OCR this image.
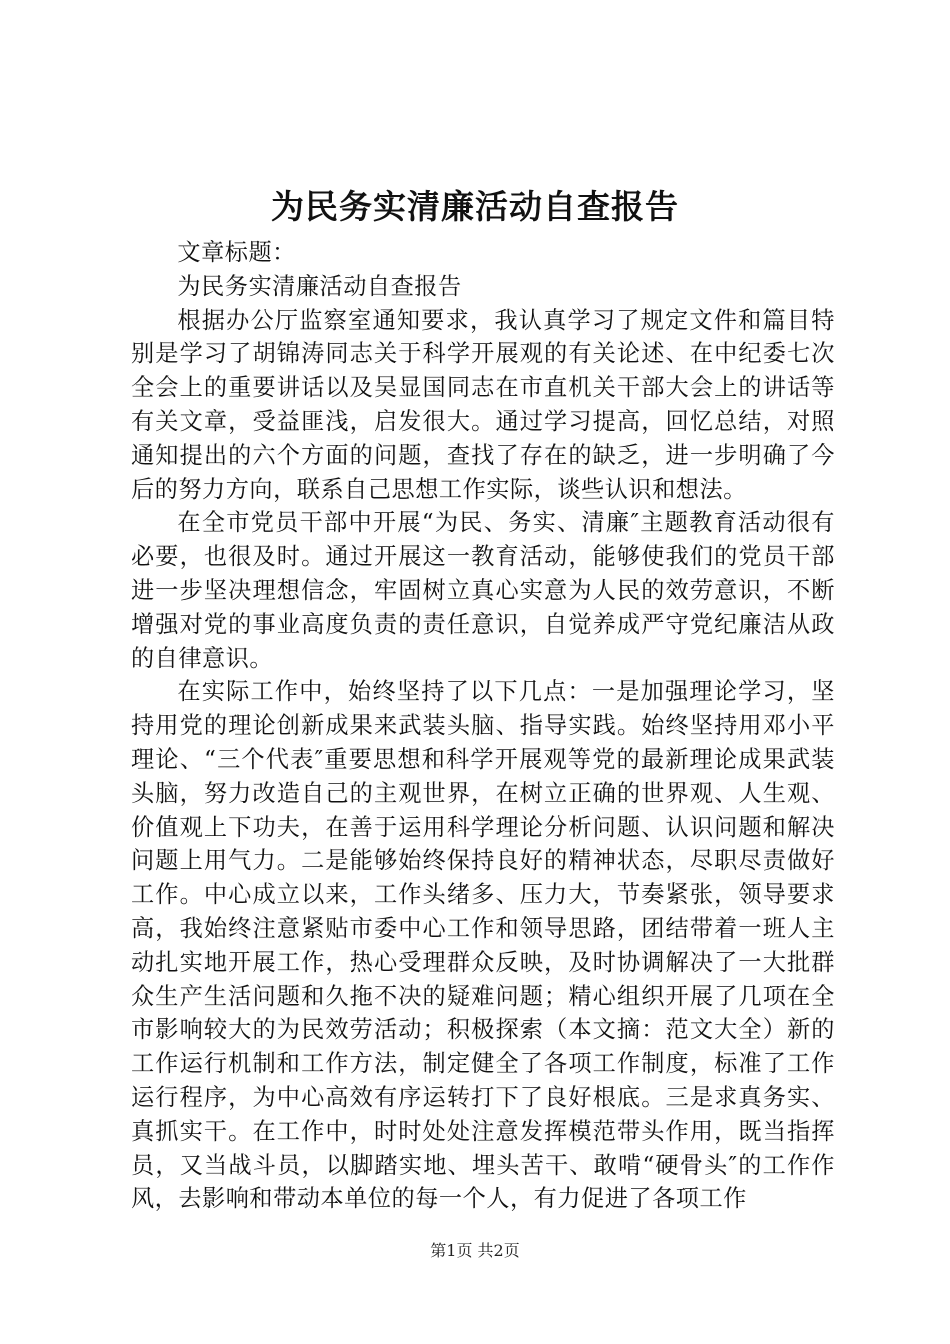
为民务实清廉活动自查报告

文章标题：

为民务实清廉活动自查报告

根据办公厅监察室通知要求，我认真学习了规定文件和篇目特别是学习了胡锦涛同志关于科学开展观的有关论述、在中纪委七次全会上的重要讲话以及吴显国同志在市直机关干部大会上的讲话等有关文章，受益匪浅，启发很大。通过学习提高，回忆总结，对照通知提出的六个方面的问题，查找了存在的缺乏，进一步明确了今后的努力方向，联系自己思想工作实际，谈些认识和想法。

在全市党员干部中开展“为民、务实、清廉″主题教育活动很有必要，也很及时。通过开展这一教育活动，能够使我们的党员干部进一步坚决理想信念，牢固树立真心实意为人民的效劳意识，不断增强对党的事业高度负责的责任意识，自觉养成严守党纪廉洁从政的自律意识。

在实际工作中，始终坚持了以下几点：一是加强理论学习，坚持用党的理论创新成果来武装头脑、指导实践。始终坚持用邓小平理论、“三个代表″重要思想和科学开展观等党的最新理论成果武装头脑，努力改造自己的主观世界，在树立正确的世界观、人生观、价值观上下功夫，在善于运用科学理论分析问题、认识问题和解决问题上用气力。二是能够始终保持良好的精神状态，尽职尽责做好工作。中心成立以来，工作头绪多、压力大，节奏紧张，领导要求高，我始终注意紧贴市委中心工作和领导思路，团结带着一班人主动扎实地开展工作，热心受理群众反映，及时协调解决了一大批群众生产生活问题和久拖不决的疑难问题；精心组织开展了几项在全市影响较大的为民效劳活动；积极探索（本文摘：范文大全）新的工作运行机制和工作方法，制定健全了各项工作制度，标准了工作运行程序，为中心高效有序运转打下了良好根底。三是求真务实、真抓实干。在工作中，时时处处注意发挥模范带头作用，既当指挥员，又当战斗员，以脚踏实地、埋头苦干、敢啃“硬骨头″的工作作风，去影响和带动本单位的每一个人，有力促进了各项工作

第1页 共2页
